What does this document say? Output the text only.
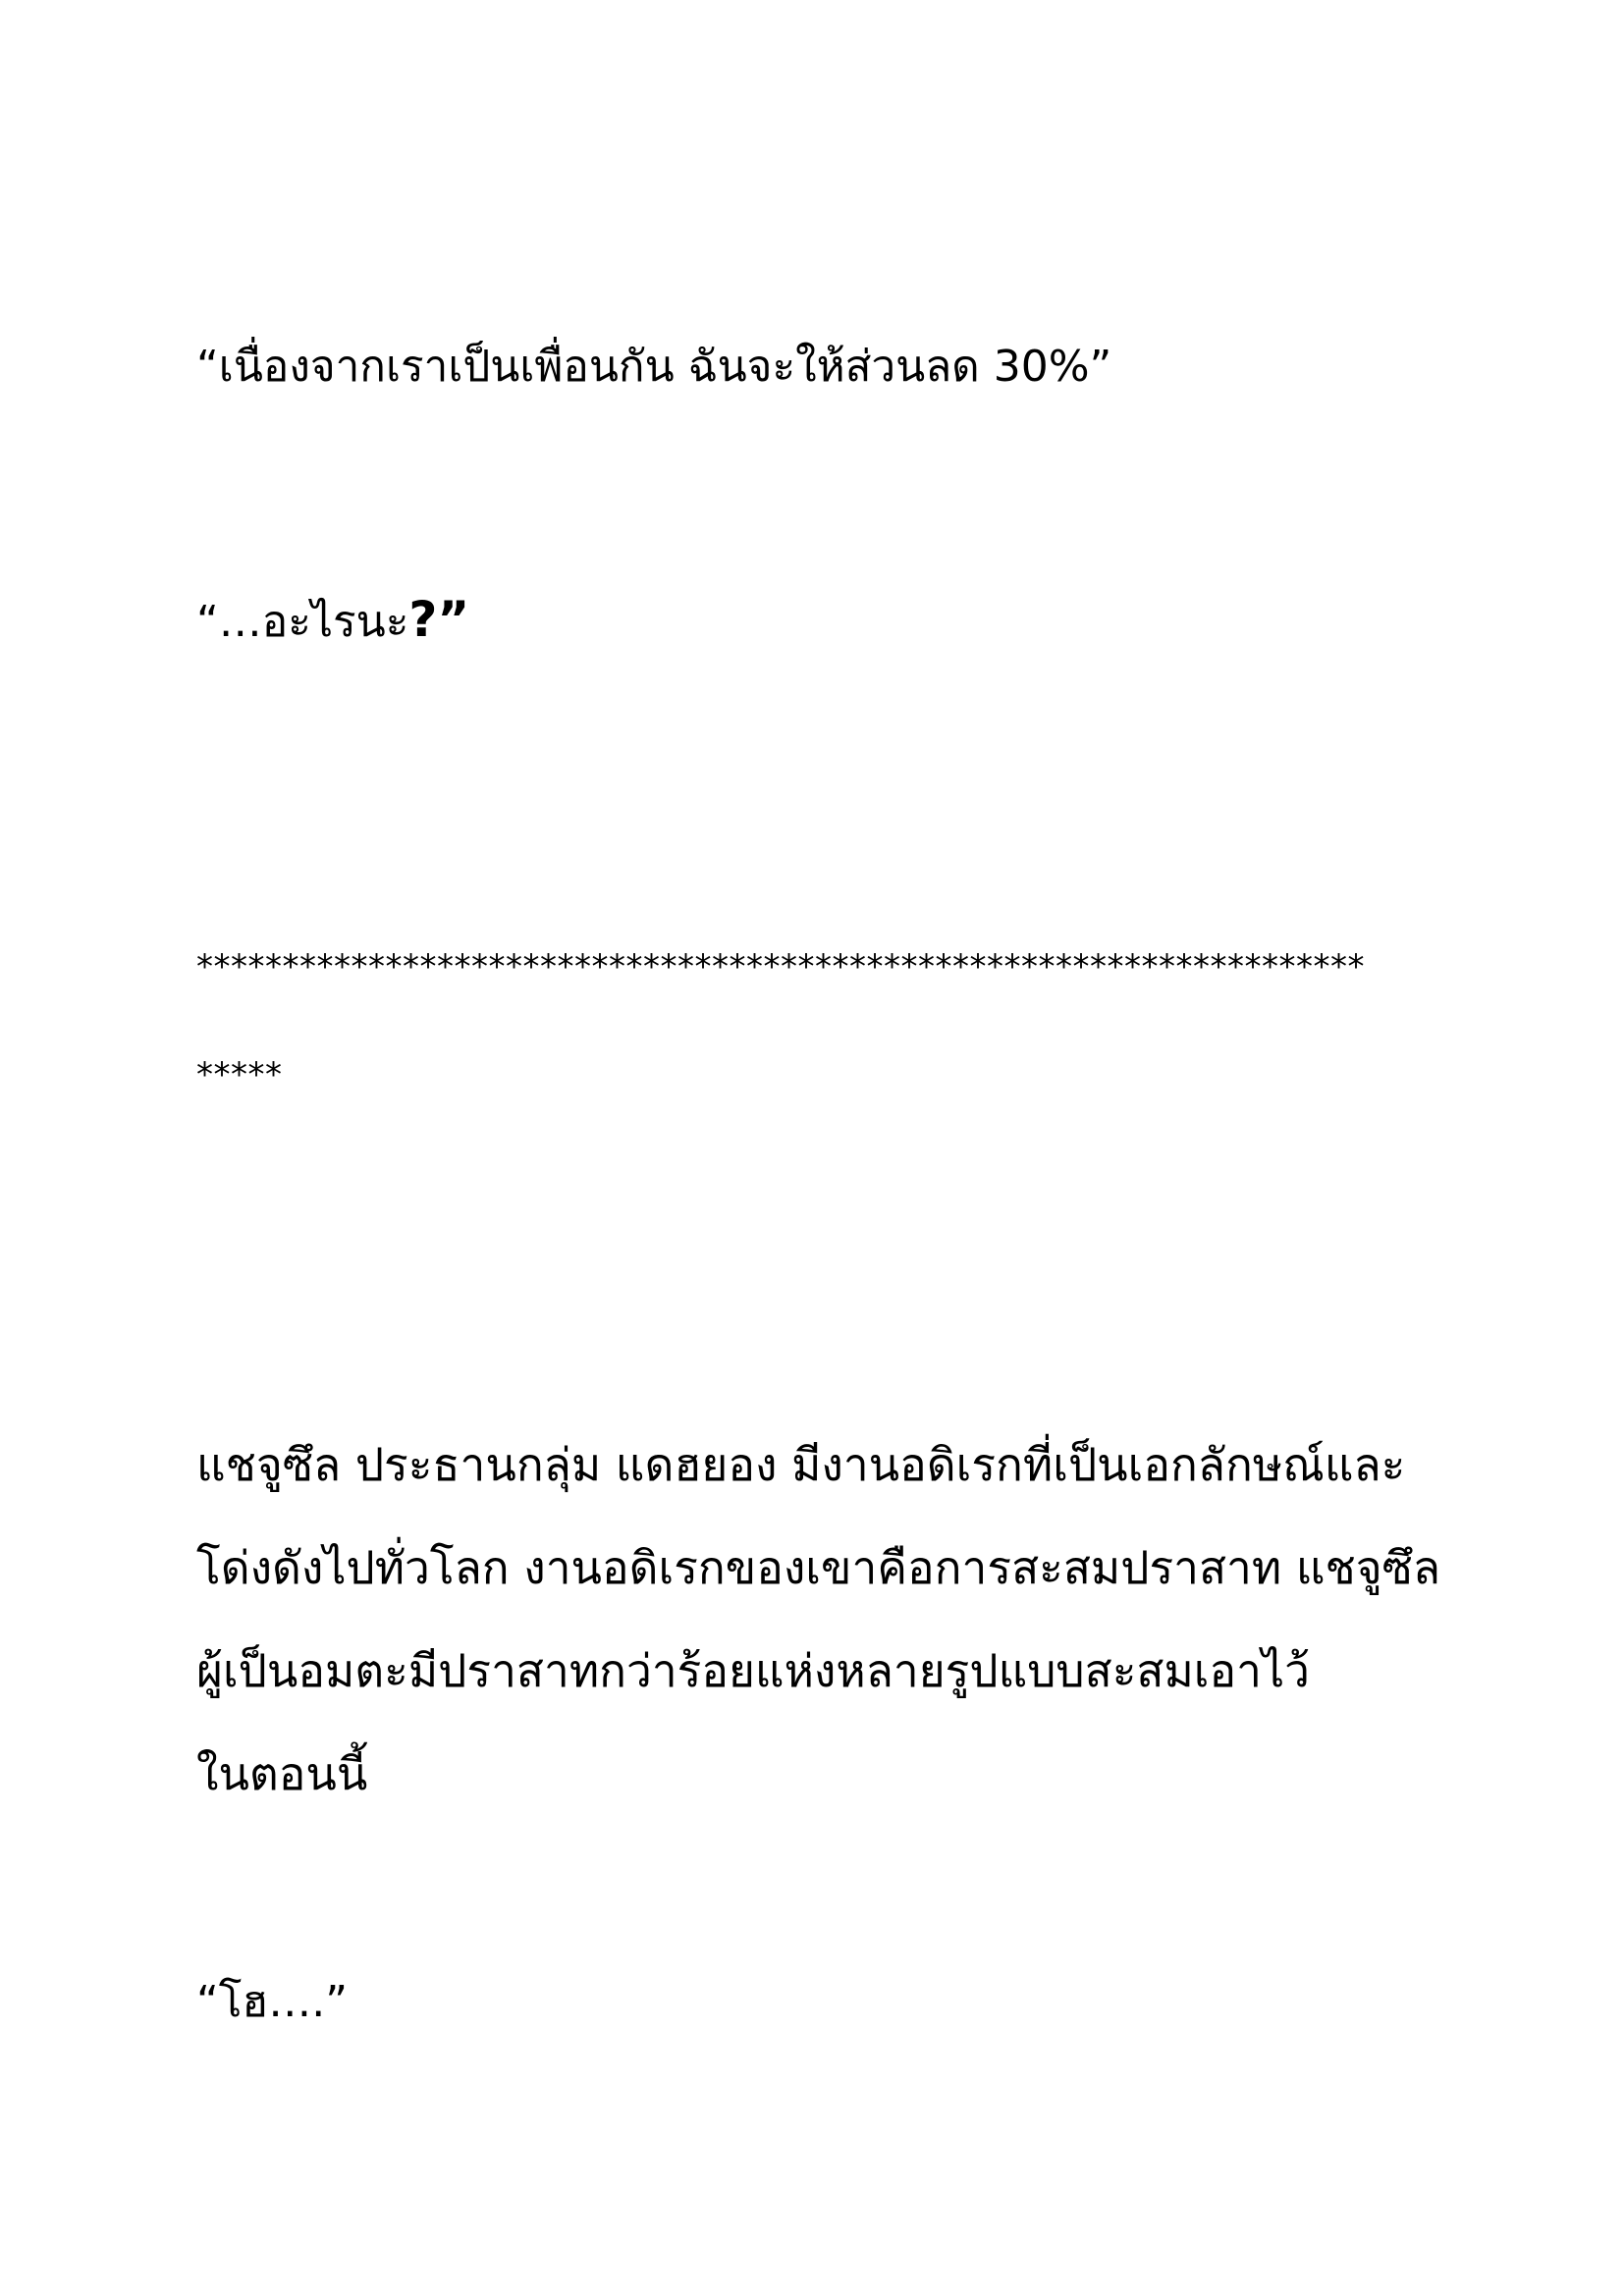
“เนื่องจากเราเป็นเพื่อนกัน ฉันจะให้ส่วนลด 30%”

“…อะไรนะ?”

********************************************************************
*****
แชจูซึล ประธานกลุ่ม แดฮยอง มีงานอดิเรกที่เป็นเอกลักษณ์และ
โด่งดังไปทั่วโลก งานอดิเรกของเขาคือการสะสมปราสาท แชจูซึล
ผู้เป็นอมตะมีปราสาทกว่าร้อยแห่งหลายรูปแบบสะสมเอาไว้
ในตอนนี้

“โฮ….”
